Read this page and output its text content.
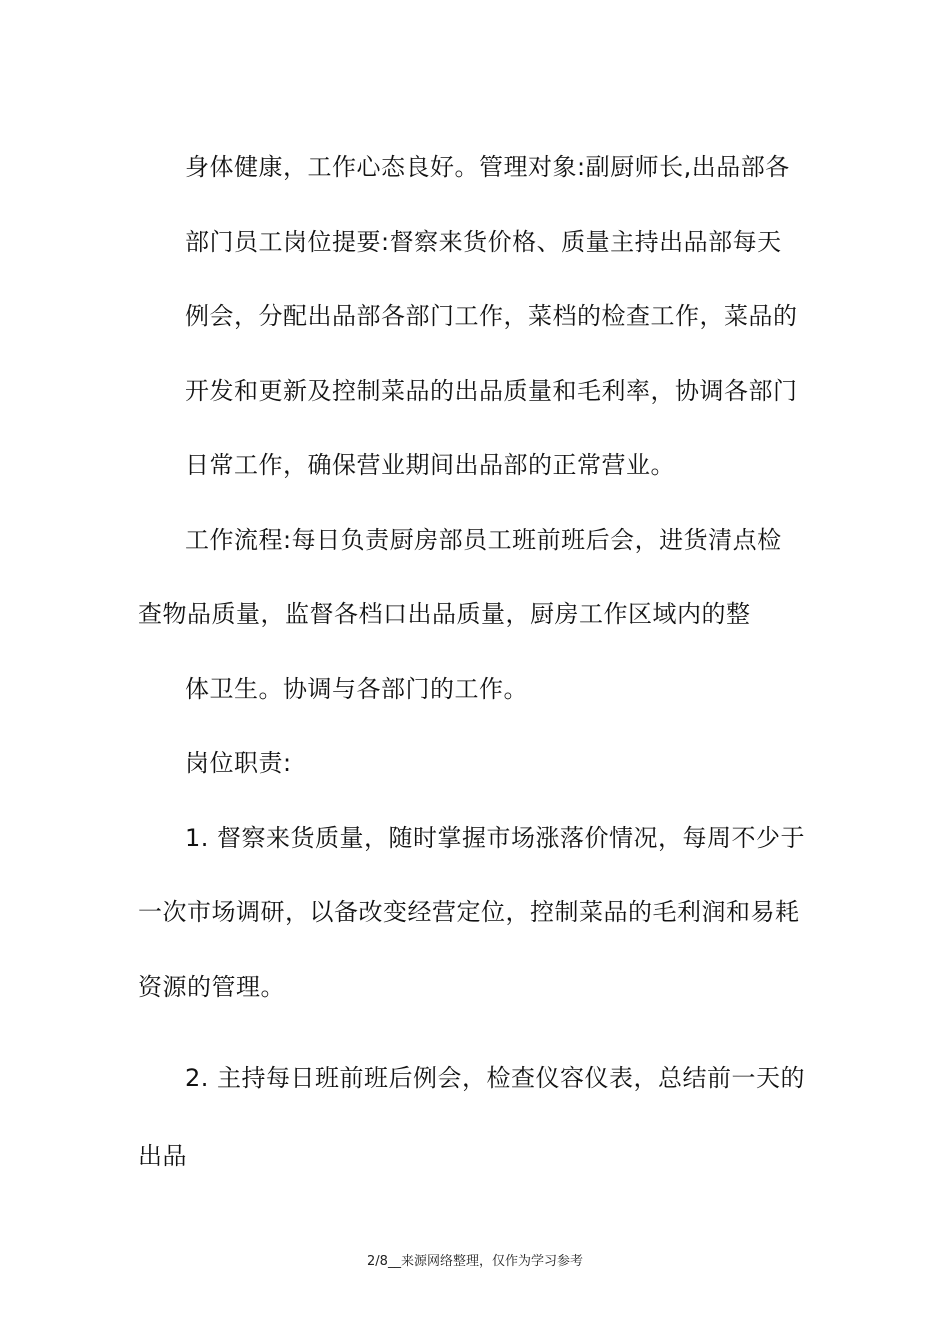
身体健康，工作心态良好。管理对象:副厨师长,出品部各
部门员工岗位提要:督察来货价格、质量主持出品部每天
例会，分配出品部各部门工作，菜档的检查工作，菜品的
开发和更新及控制菜品的出品质量和毛利率，协调各部门
日常工作，确保营业期间出品部的正常营业。
工作流程:每日负责厨房部员工班前班后会，进货清点检
查物品质量，监督各档口出品质量，厨房工作区域内的整
体卫生。协调与各部门的工作。
岗位职责:
1. 督察来货质量，随时掌握市场涨落价情况，每周不少于
一次市场调研，以备改变经营定位，控制菜品的毛利润和易耗
资源的管理。
2. 主持每日班前班后例会，检查仪容仪表，总结前一天的
出品
2/8__来源网络整理，仅作为学习参考
